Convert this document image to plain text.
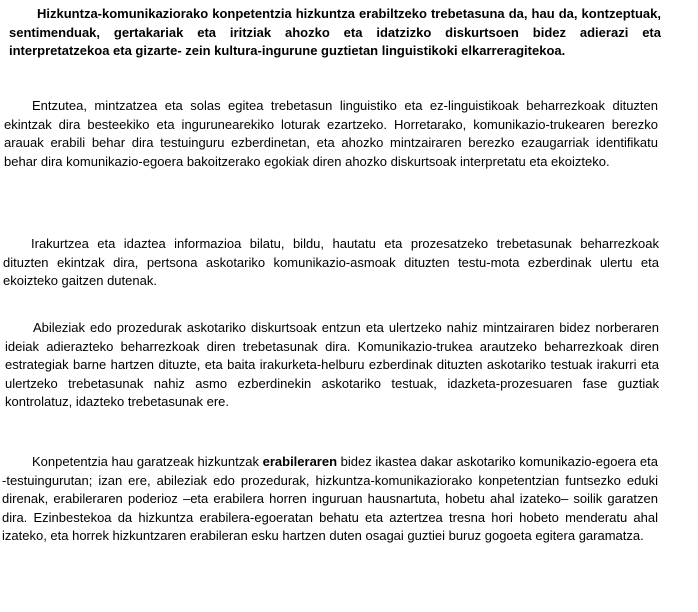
Hizkuntza-komunikaziorako konpetentzia hizkuntza erabiltzeko trebetasuna da, hau da, kontzeptuak, sentimenduak, gertakariak eta iritziak ahozko eta idatzizko diskurtsoen bidez adierazi eta interpretatzekoa eta gizarte- zein kultura-ingurune guztietan linguistikoki elkarreragitekoa.

Entzutea, mintzatzea eta solas egitea trebetasun linguistiko eta ez-linguistikoak beharrezkoak dituzten ekintzak dira besteekiko eta ingurunearekiko loturak ezartzeko. Horretarako, komunikazio-trukearen berezko arauak erabili behar dira testuinguru ezberdinetan, eta ahozko mintzairaren berezko ezaugarriak identifikatu behar dira komunikazio-egoera bakoitzerako egokiak diren ahozko diskurtsoak interpretatu eta ekoizteko.

Irakurtzea eta idaztea informazioa bilatu, bildu, hautatu eta prozesatzeko trebetasunak beharrezkoak dituzten ekintzak dira, pertsona askotariko komunikazio-asmoak dituzten testu-mota ezberdinak ulertu eta ekoizteko gaitzen dutenak.

Abileziak edo prozedurak askotariko diskurtsoak entzun eta ulertzeko nahiz mintzairaren bidez norberaren ideiak adierazteko beharrezkoak diren trebetasunak dira. Komunikazio-trukea arautzeko beharrezkoak diren estrategiak barne hartzen dituzte, eta baita irakurketa-helburu ezberdinak dituzten askotariko testuak irakurri eta ulertzeko trebetasunak nahiz asmo ezberdinekin askotariko testuak, idazketa-prozesuaren fase guztiak kontrolatuz, idazteko trebetasunak ere.

Konpetentzia hau garatzeak hizkuntzak erabileraren bidez ikastea dakar askotariko komunikazio-egoera eta -testuingurutan; izan ere, abileziak edo prozedurak, hizkuntza-komunikaziorako konpetentzian funtsezko eduki direnak, erabileraren poderioz –eta erabilera horren inguruan hausnartuta, hobetu ahal izateko– soilik garatzen dira. Ezinbestekoa da hizkuntza erabilera-egoeratan behatu eta aztertzea tresna hori hobeto menderatu ahal izateko, eta horrek hizkuntzaren erabileran esku hartzen duten osagai guztiei buruz gogoeta egitera garamatza.
